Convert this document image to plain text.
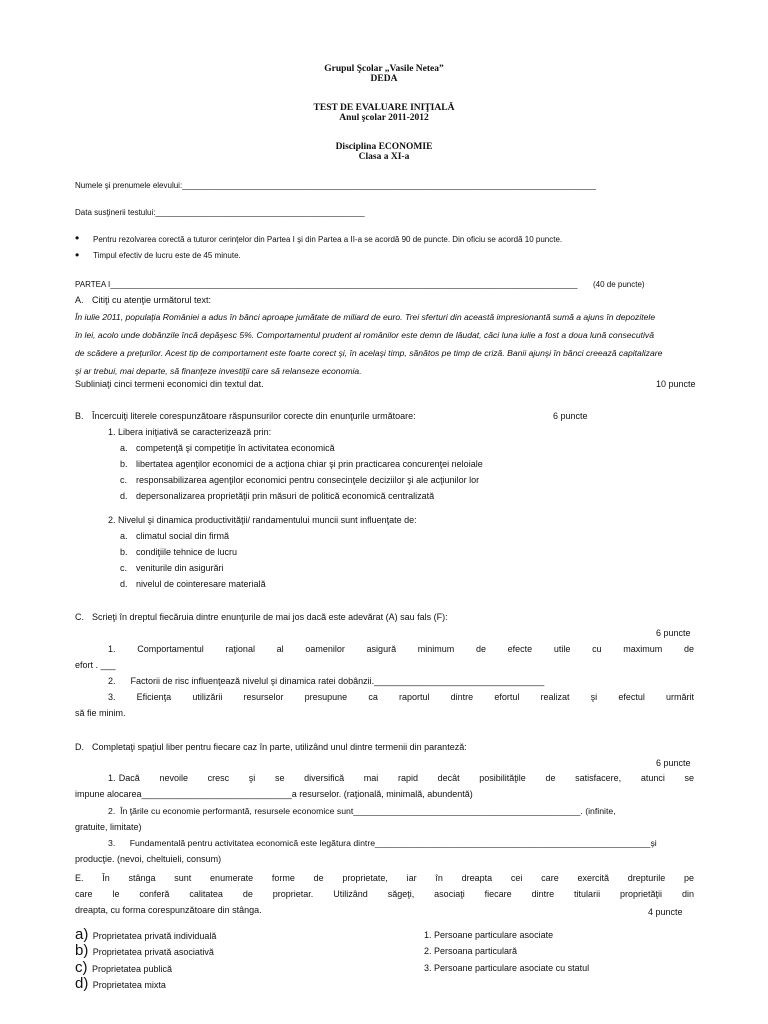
Grupul Şcolar „Vasile Netea”
DEDA
TEST DE EVALUARE INIŢIALĂ
Anul şcolar 2011-2012
Disciplina ECONOMIE
Clasa a XI-a
Numele şi prenumele elevului:_____________________________________________________________________________________________
Data susţinerii testului:_______________________________________________
• Pentru rezolvarea corectă a tuturor cerinţelor din Partea I şi din Partea a II-a se acordă 90 de puncte. Din oficiu se acordă 10 puncte.
• Timpul efectiv de lucru este de 45 minute.
PARTEA I_________________________________________________________________________________________________________	(40 de puncte)
A. Citiţi cu atenţie următorul text:
În iulie 2011, populaţia României a adus în bănci aproape jumătate de miliard de euro. Trei sferturi din această impresionantă sumă a ajuns în depozitele
în lei, acolo unde dobânzile încă depăşesc 5%. Comportamentul prudent al românilor este demn de lăudat, căci luna iulie a fost a doua lună consecutivă
de scădere a preţurilor. Acest tip de comportament este foarte corect şi, în acelaşi timp, sănătos pe timp de criză. Banii ajunşi în bănci creează capitalizare
şi ar trebui, mai departe, să finanţeze investiţii care să relanseze economia.
Subliniaţi cinci termeni economici din textul dat.	10 puncte
B. Încercuiţi literele corespunzătoare răspunsurilor corecte din enunţurile următoare:	6 puncte
1. Libera iniţiativă se caracterizează prin:
a. competenţă şi competiţie în activitatea economică
b. libertatea agenţilor economici de a acţiona chiar şi prin practicarea concurenţei neloiale
c. responsabilizarea agenţilor economici pentru consecinţele deciziilor şi ale acţiunilor lor
d. depersonalizarea proprietăţii prin măsuri de politică economică centralizată
2. Nivelul şi dinamica productivităţii/ randamentului muncii sunt influenţate de:
a. climatul social din firmă
b. condiţiile tehnice de lucru
c. veniturile din asigurări
d. nivelul de cointeresare materială
C. Scrieţi în dreptul fiecăruia dintre enunţurile de mai jos dacă este adevărat (A) sau fals (F):
6 puncte
1.      Comportamentul      raţional      al      oamenilor      asigură      minimum      de      efecte      utile      cu      maximum      de
efort . ___
2.      Factorii de risc influenţează nivelul şi dinamica ratei dobânzii.__________________________________
3.      Eficienţa      utilizării      resurselor      presupune      ca      raportul      dintre      efortul      realizat      şi      efectul      urmărit
să fie minim.
D. Completaţi spaţiul liber pentru fiecare caz în parte, utilizând unul dintre termenii din paranteză:
6 puncte
1. Dacă      nevoile      cresc      şi      se      diversifică      mai      rapid      decât      posibilităţile      de      satisfacere,      atunci      se
impune alocarea______________________________a resurselor. (raţională, minimală, abundentă)
2.  În ţările cu economie performantă, resursele economice sunt_______________________________________________. (infinite,
gratuite, limitate)
3.      Fundamentală pentru activitatea economică este legătura dintre_________________________________________________________şi
producţie. (nevoi, cheltuieli, consum)
E.      În      stânga      sunt      enumerate      forme      de      proprietate,      iar      în      dreapta      cei      care      exercită      drepturile      pe
care      le      conferă      calitatea      de      proprietar.      Utilizând      săgeţi,      asociaţi      fiecare      dintre      titularii      proprietăţii      din
dreapta, cu forma corespunzătoare din stânga.	4 puncte
a) Proprietatea privată individuală
b) Proprietatea privată asociativă
c) Proprietatea publică
d) Proprietatea mixta
1. Persoane particulare asociate
2. Persoana particulară
3. Persoane particulare asociate cu statul
